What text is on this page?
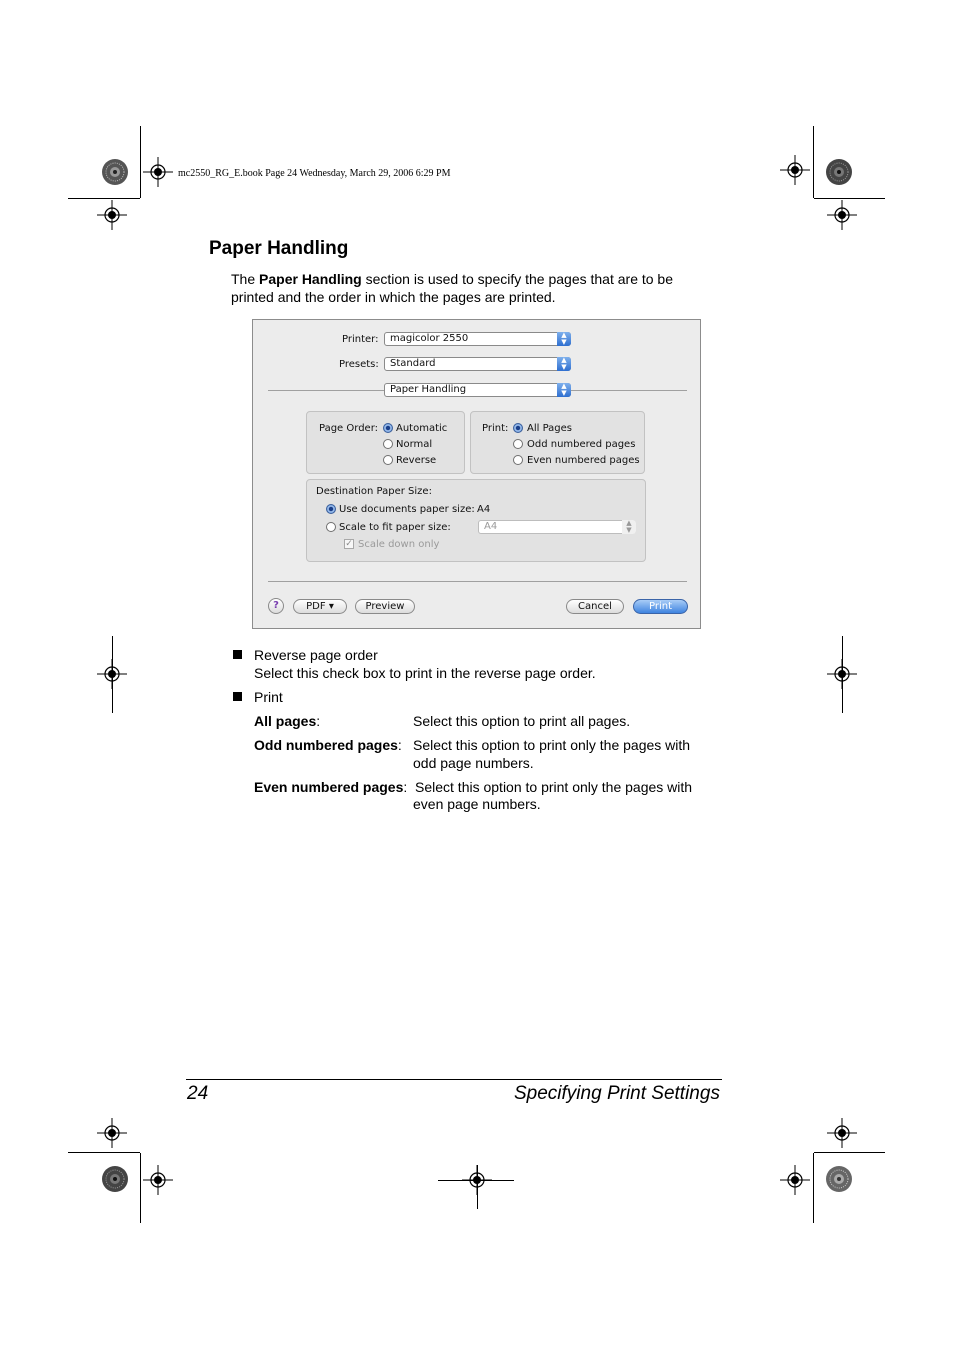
mc2550_RG_E.book Page 24 Wednesday, March 29, 2006 6:29 PM
Paper Handling
The Paper Handling section is used to specify the pages that are to be printed and the order in which the pages are printed.
Printer:	magicolor 2550	▲
▼
Presets:	Standard	▲
▼
Paper Handling	▲
▼
Page Order: Automatic
Normal
Reverse
Print: All Pages
Odd numbered pages
Even numbered pages
Destination Paper Size:
Use documents paper size: A4
Scale to fit paper size:	A4	▲
▼
✓ Scale down only
?	PDF ▾	Preview	Cancel	Print
Reverse page order
Select this check box to print in the reverse page order.
Print
All pages:	Select this option to print all pages.
Odd numbered pages: Select this option to print only the pages with
odd page numbers.
Even numbered pages: Select this option to print only the pages with
even page numbers.
24	Specifying Print Settings
